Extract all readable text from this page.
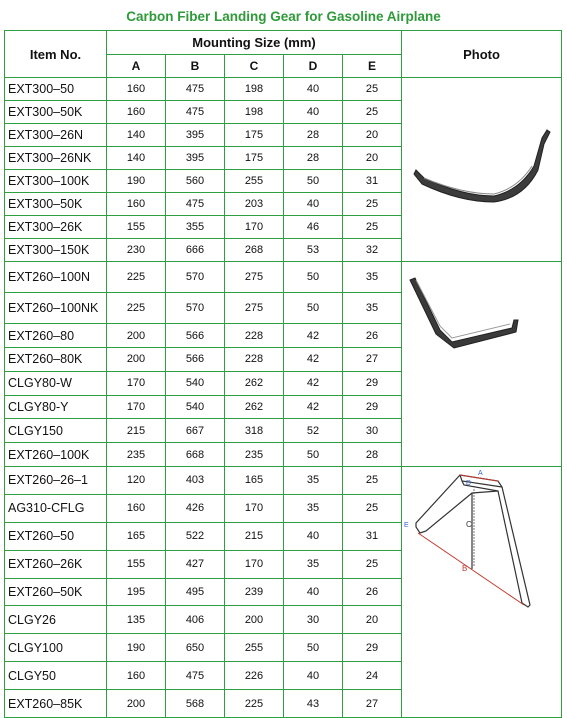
Carbon Fiber Landing Gear for Gasoline Airplane
Item No.	Mounting Size (mm)					Photo
	A	B	C	D	E	
EXT300–50	160	475	198	40	25	

EXT300–50K	160	475	198	40	25	
EXT300–26N	140	395	175	28	20	
EXT300–26NK	140	395	175	28	20	
EXT300–100K	190	560	255	50	31	
EXT300–50K	160	475	203	40	25	
EXT300–26K	155	355	170	46	25	
EXT300–150K	230	666	268	53	32	
EXT260–100N	225	570	275	50	35	

EXT260–100NK	225	570	275	50	35	
EXT260–80	200	566	228	42	26	
EXT260–80K	200	566	228	42	27	
CLGY80-W	170	540	262	42	29	
CLGY80-Y	170	540	262	42	29	
CLGY150	215	667	318	52	30	
EXT260–100K	235	668	235	50	28	
EXT260–26–1	120	403	165	35	25	A
D
C
B
E

AG310-CFLG	160	426	170	35	25	
EXT260–50	165	522	215	40	31	
EXT260–26K	155	427	170	35	25	
EXT260–50K	195	495	239	40	26	
CLGY26	135	406	200	30	20	
CLGY100	190	650	255	50	29	
CLGY50	160	475	226	40	24	
EXT260–85K	200	568	225	43	27	
